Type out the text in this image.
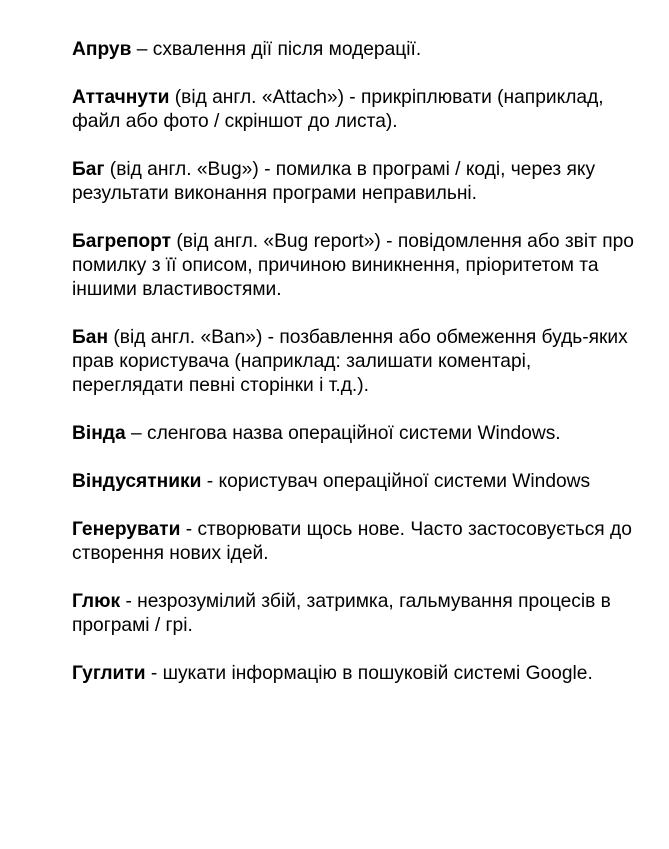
Апрув – схвалення дії після модерації.

Аттачнути (від англ. «Attach») - прикріплювати (наприклад, файл або фото / скріншот до листа).

Баг (від англ. «Bug») - помилка в програмі / коді, через яку результати виконання програми неправильні.

Багрепорт (від англ. «Bug report») - повідомлення або звіт про помилку з її описом, причиною виникнення, пріоритетом та іншими властивостями.

Бан (від англ. «Ban») - позбавлення або обмеження будь-яких прав користувача (наприклад: залишати коментарі, переглядати певні сторінки і т.д.).

Вінда – сленгова назва операційної системи Windows.

Віндусятники - користувач операційної системи Windows

Генерувати - створювати щось нове. Часто застосовується до створення нових ідей.

Глюк - незрозумілий збій, затримка, гальмування процесів в програмі / грі.

Гуглити - шукати інформацію в пошуковій системі Google.
